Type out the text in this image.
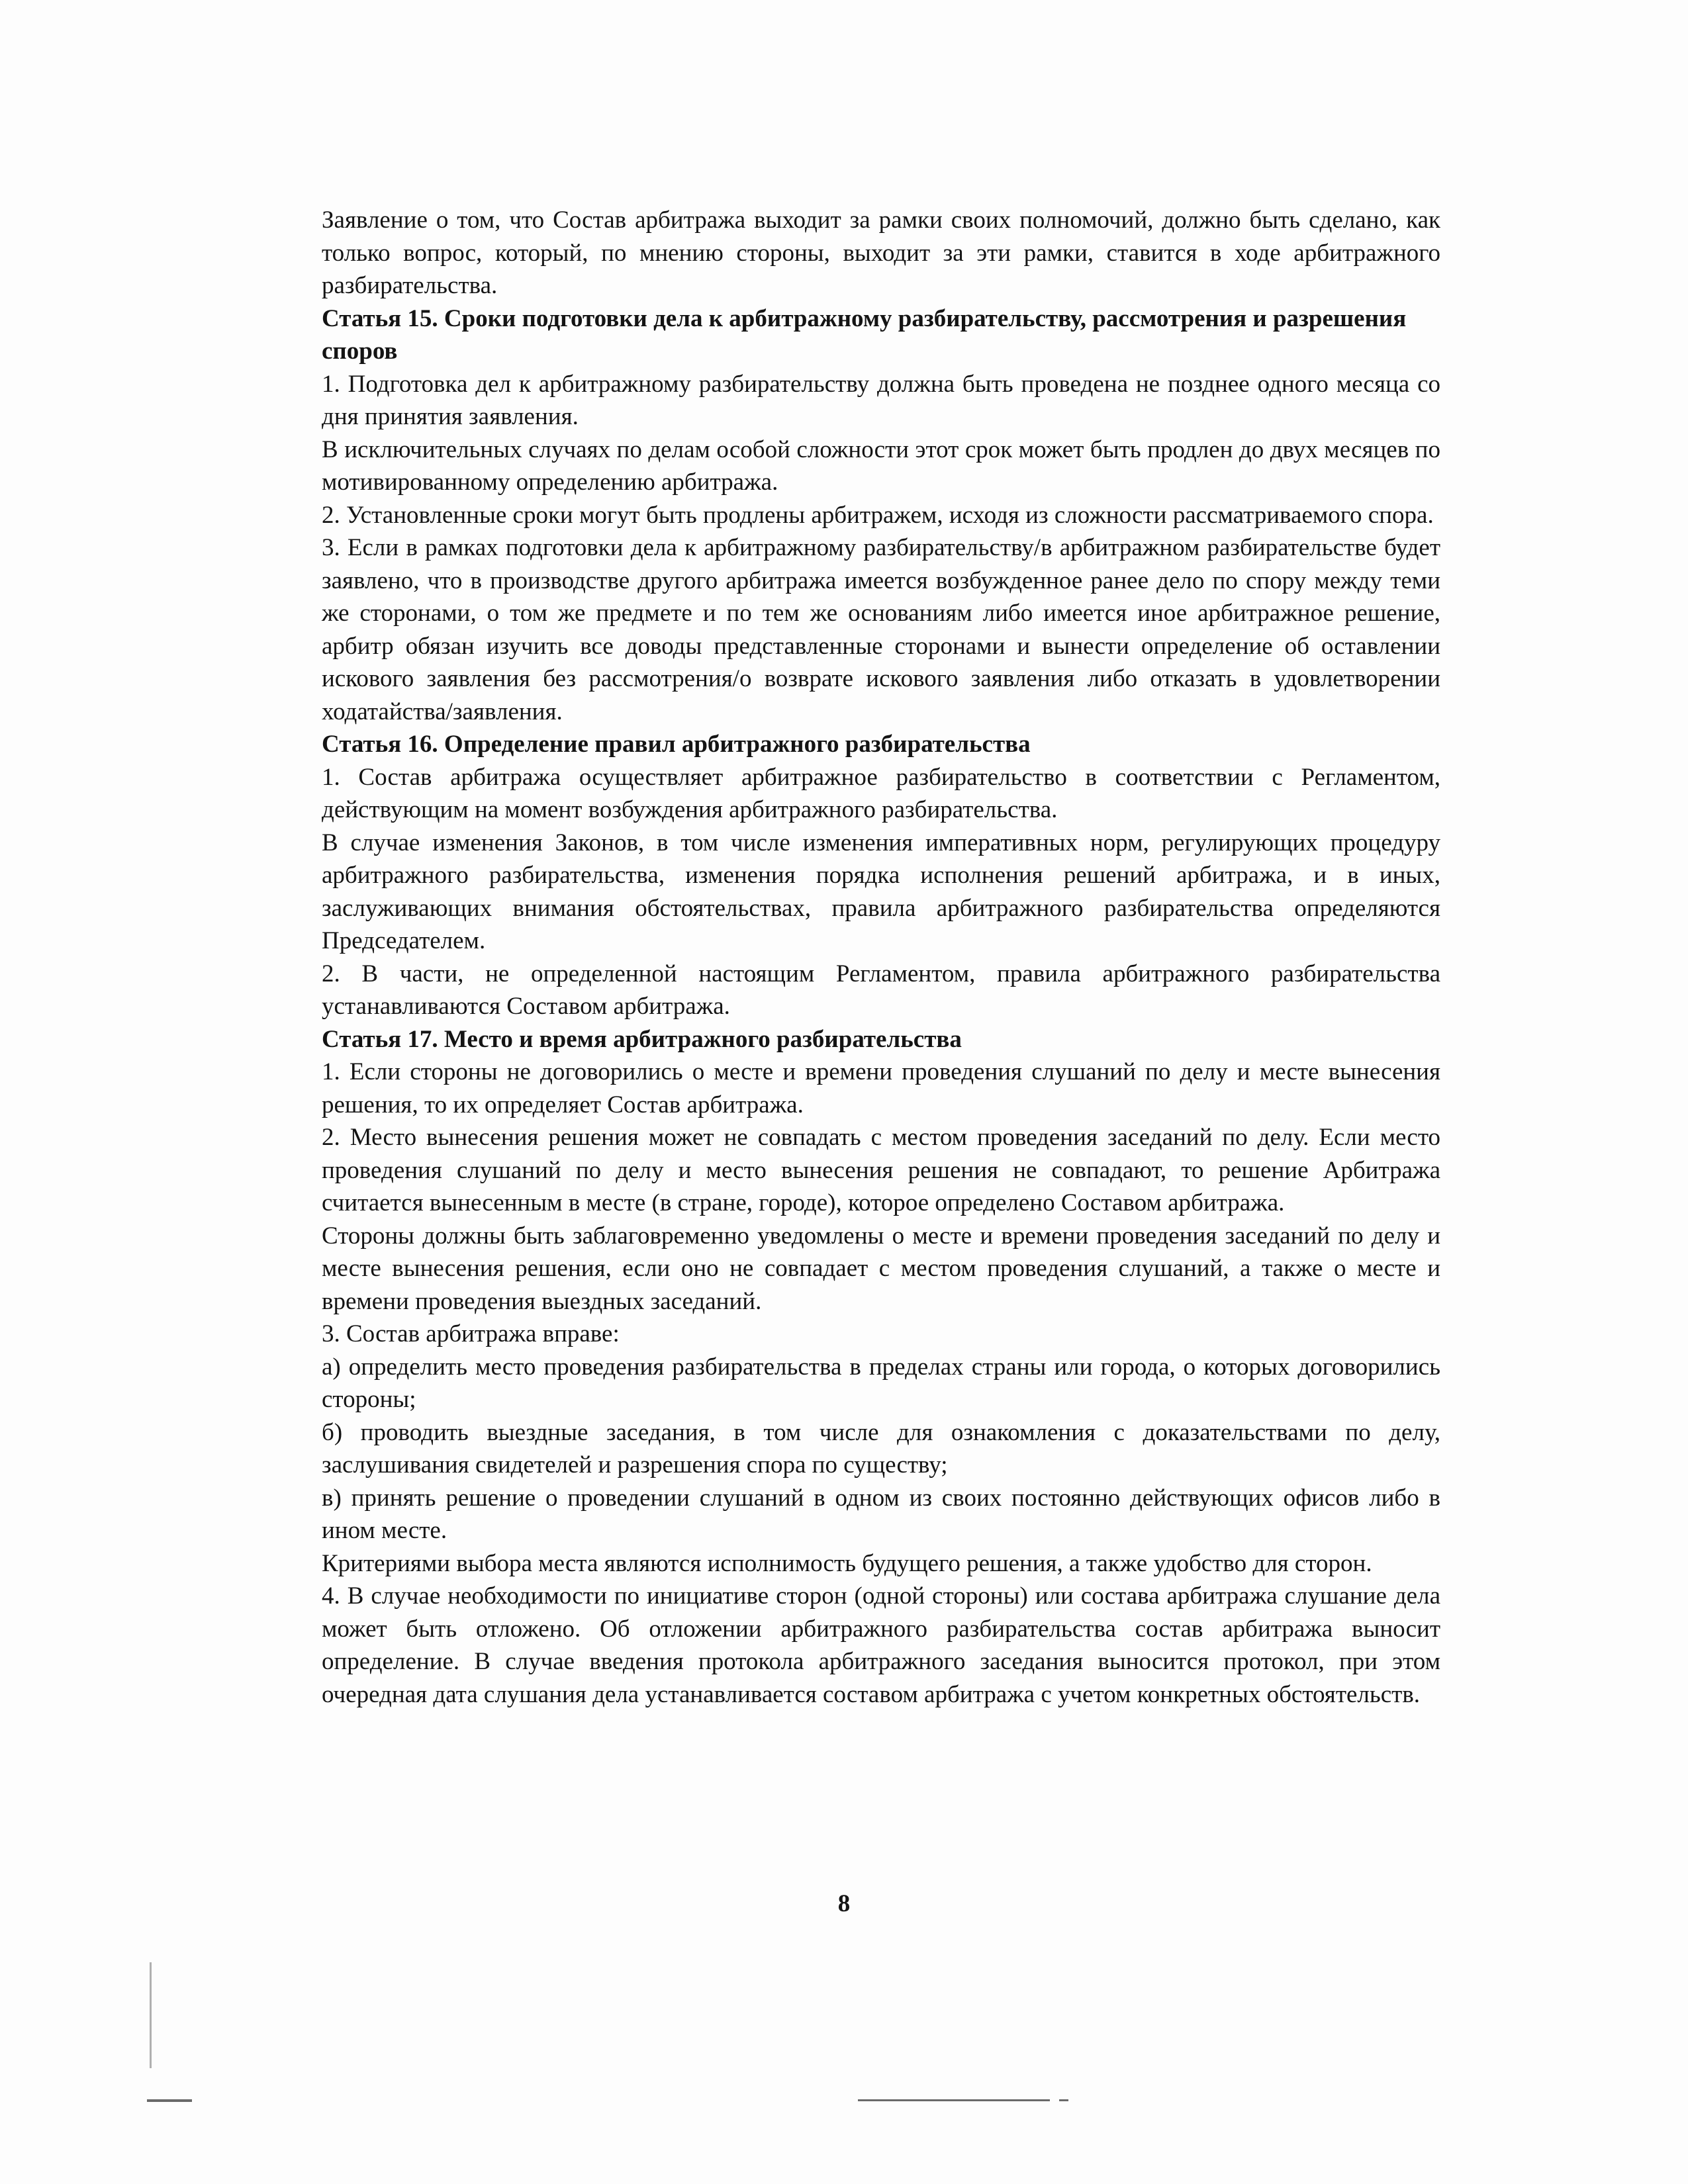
Заявление о том, что Состав арбитража выходит за рамки своих полномочий, должно быть сделано, как только вопрос, который, по мнению стороны, выходит за эти рамки, ставится в ходе арбитражного разбирательства.

Статья 15. Сроки подготовки дела к арбитражному разбирательству, рассмотрения и разрешения споров

1. Подготовка дел к арбитражному разбирательству должна быть проведена не позднее одного месяца со дня принятия заявления.

В исключительных случаях по делам особой сложности этот срок может быть продлен до двух месяцев по мотивированному определению арбитража.

2. Установленные сроки могут быть продлены арбитражем, исходя из сложности рассматриваемого спора.

3. Если в рамках подготовки дела к арбитражному разбирательству/в арбитражном разбирательстве будет заявлено, что в производстве другого арбитража имеется возбужденное ранее дело по спору между теми же сторонами, о том же предмете и по тем же основаниям либо имеется иное арбитражное решение, арбитр обязан изучить все доводы представленные сторонами и вынести определение об оставлении искового заявления без рассмотрения/о возврате искового заявления либо отказать в удовлетворении ходатайства/заявления.

Статья 16. Определение правил арбитражного разбирательства

1. Состав арбитража осуществляет арбитражное разбирательство в соответствии с Регламентом, действующим на момент возбуждения арбитражного разбирательства.

В случае изменения Законов, в том числе изменения императивных норм, регулирующих процедуру арбитражного разбирательства, изменения порядка исполнения решений арбитража, и в иных, заслуживающих внимания обстоятельствах, правила арбитражного разбирательства определяются Председателем.

2. В части, не определенной настоящим Регламентом, правила арбитражного разбирательства устанавливаются Составом арбитража.

Статья 17. Место и время арбитражного разбирательства

1. Если стороны не договорились о месте и времени проведения слушаний по делу и месте вынесения решения, то их определяет Состав арбитража.

2. Место вынесения решения может не совпадать с местом проведения заседаний по делу. Если место проведения слушаний по делу и место вынесения решения не совпадают, то решение Арбитража считается вынесенным в месте (в стране, городе), которое определено Составом арбитража.

Стороны должны быть заблаговременно уведомлены о месте и времени проведения заседаний по делу и месте вынесения решения, если оно не совпадает с местом проведения слушаний, а также о месте и времени проведения выездных заседаний.

3. Состав арбитража вправе:

а) определить место проведения разбирательства в пределах страны или города, о которых договорились стороны;

б) проводить выездные заседания, в том числе для ознакомления с доказательствами по делу, заслушивания свидетелей и разрешения спора по существу;

в) принять решение о проведении слушаний в одном из своих постоянно действующих офисов либо в ином месте.

Критериями выбора места являются исполнимость будущего решения, а также удобство для сторон.

4. В случае необходимости по инициативе сторон (одной стороны) или состава арбитража слушание дела может быть отложено. Об отложении арбитражного разбирательства состав арбитража выносит определение. В случае введения протокола арбитражного заседания выносится протокол, при этом очередная дата слушания дела устанавливается составом арбитража с учетом конкретных обстоятельств.

8
